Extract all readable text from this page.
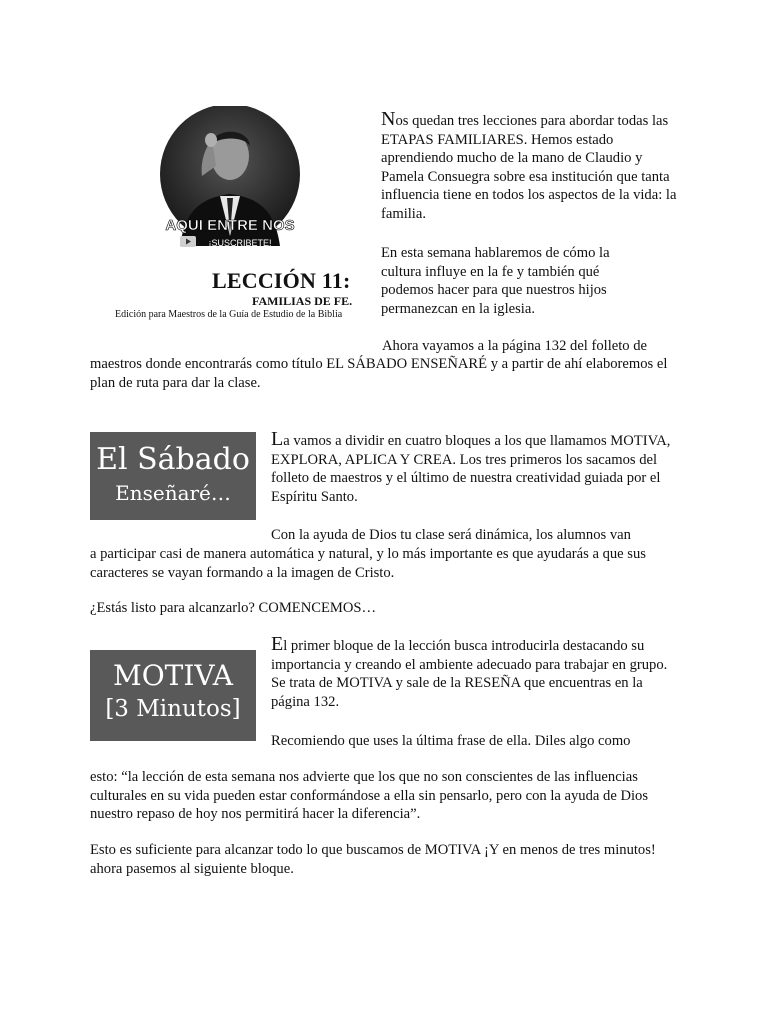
AQUI ENTRE NOS
¡SUSCRIBETE!
LECCIÓN 11:
FAMILIAS DE FE.
Edición para Maestros de la Guía de Estudio de la Biblia

Nos quedan tres lecciones para abordar todas las ETAPAS FAMILIARES. Hemos estado aprendiendo mucho de la mano de Claudio y Pamela Consuegra sobre esa institución que tanta influencia tiene en todos los aspectos de la vida: la familia.

En esta semana hablaremos de cómo la cultura influye en la fe y también qué podemos hacer para que nuestros hijos permanezcan en la iglesia.

Ahora vayamos a la página 132 del folleto de

maestros donde encontrarás como título EL SÁBADO ENSEÑARÉ y a partir de ahí elaboremos el plan de ruta para dar la clase.

El Sábado
Enseñaré…

La vamos a dividir en cuatro bloques a los que llamamos MOTIVA, EXPLORA, APLICA Y CREA. Los tres primeros los sacamos del folleto de maestros y el último de nuestra creatividad guiada por el Espíritu Santo.

Con la ayuda de Dios tu clase será dinámica, los alumnos van

a participar casi de manera automática y natural, y lo más importante es que ayudarás a que sus caracteres se vayan formando a la imagen de Cristo.

¿Estás listo para alcanzarlo? COMENCEMOS…

MOTIVA
[3 Minutos]

El primer bloque de la lección busca introducirla destacando su importancia y creando el ambiente adecuado para trabajar en grupo. Se trata de MOTIVA y sale de la RESEÑA que encuentras en la página 132.

Recomiendo que uses la última frase de ella. Diles algo como

esto: “la lección de esta semana nos advierte que los que no son conscientes de las influencias culturales en su vida pueden estar conformándose a ella sin pensarlo, pero con la ayuda de Dios nuestro repaso de hoy nos permitirá hacer la diferencia”.

Esto es suficiente para alcanzar todo lo que buscamos de MOTIVA ¡Y en menos de tres minutos! ahora pasemos al siguiente bloque.
